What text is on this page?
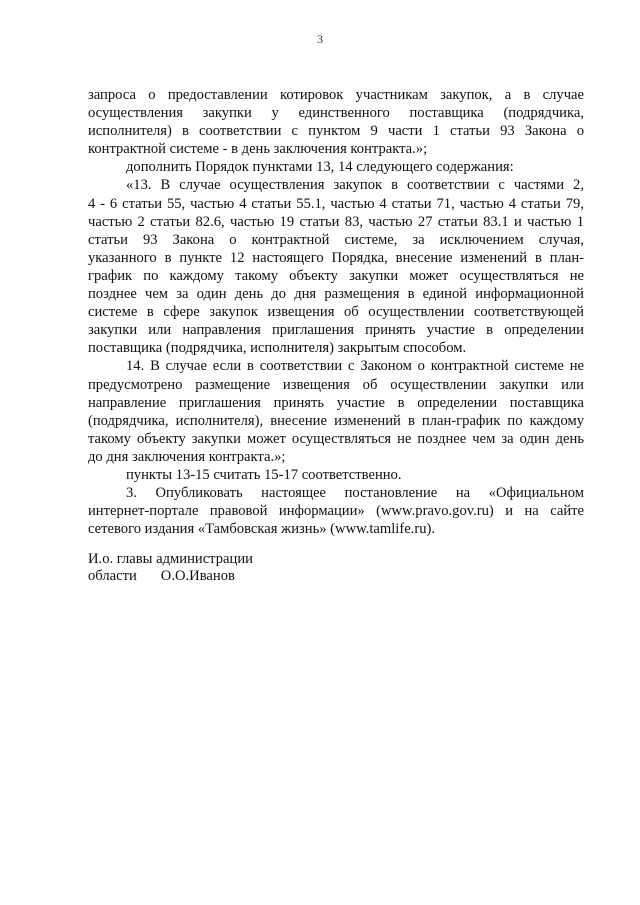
3
запроса о предоставлении котировок участникам закупок, а в случае
осуществления закупки у единственного поставщика (подрядчика,
исполнителя) в соответствии с пунктом 9 части 1 статьи 93 Закона о
контрактной системе - в день заключения контракта.»;
дополнить Порядок пунктами 13, 14 следующего содержания:
«13. В случае осуществления закупок в соответствии с частями 2,
4 - 6 статьи 55, частью 4 статьи 55.1, частью 4 статьи 71, частью 4 статьи 79,
частью 2 статьи 82.6, частью 19 статьи 83, частью 27 статьи 83.1 и частью 1
статьи 93 Закона о контрактной системе, за исключением случая,
указанного в пункте 12 настоящего Порядка, внесение изменений в план-
график по каждому такому объекту закупки может осуществляться не
позднее чем за один день до дня размещения в единой информационной
системе в сфере закупок извещения об осуществлении соответствующей
закупки или направления приглашения принять участие в определении
поставщика (подрядчика, исполнителя) закрытым способом.
14. В случае если в соответствии с Законом о контрактной системе не
предусмотрено размещение извещения об осуществлении закупки или
направление приглашения принять участие в определении поставщика
(подрядчика, исполнителя), внесение изменений в план-график по каждому
такому объекту закупки может осуществляться не позднее чем за один день
до дня заключения контракта.»;
пункты 13-15 считать 15-17 соответственно.
3. Опубликовать настоящее постановление на «Официальном
интернет-портале правовой информации» (www.pravo.gov.ru) и на сайте
сетевого издания «Тамбовская жизнь» (www.tamlife.ru).
И.о. главы администрации
области О.О.Иванов
